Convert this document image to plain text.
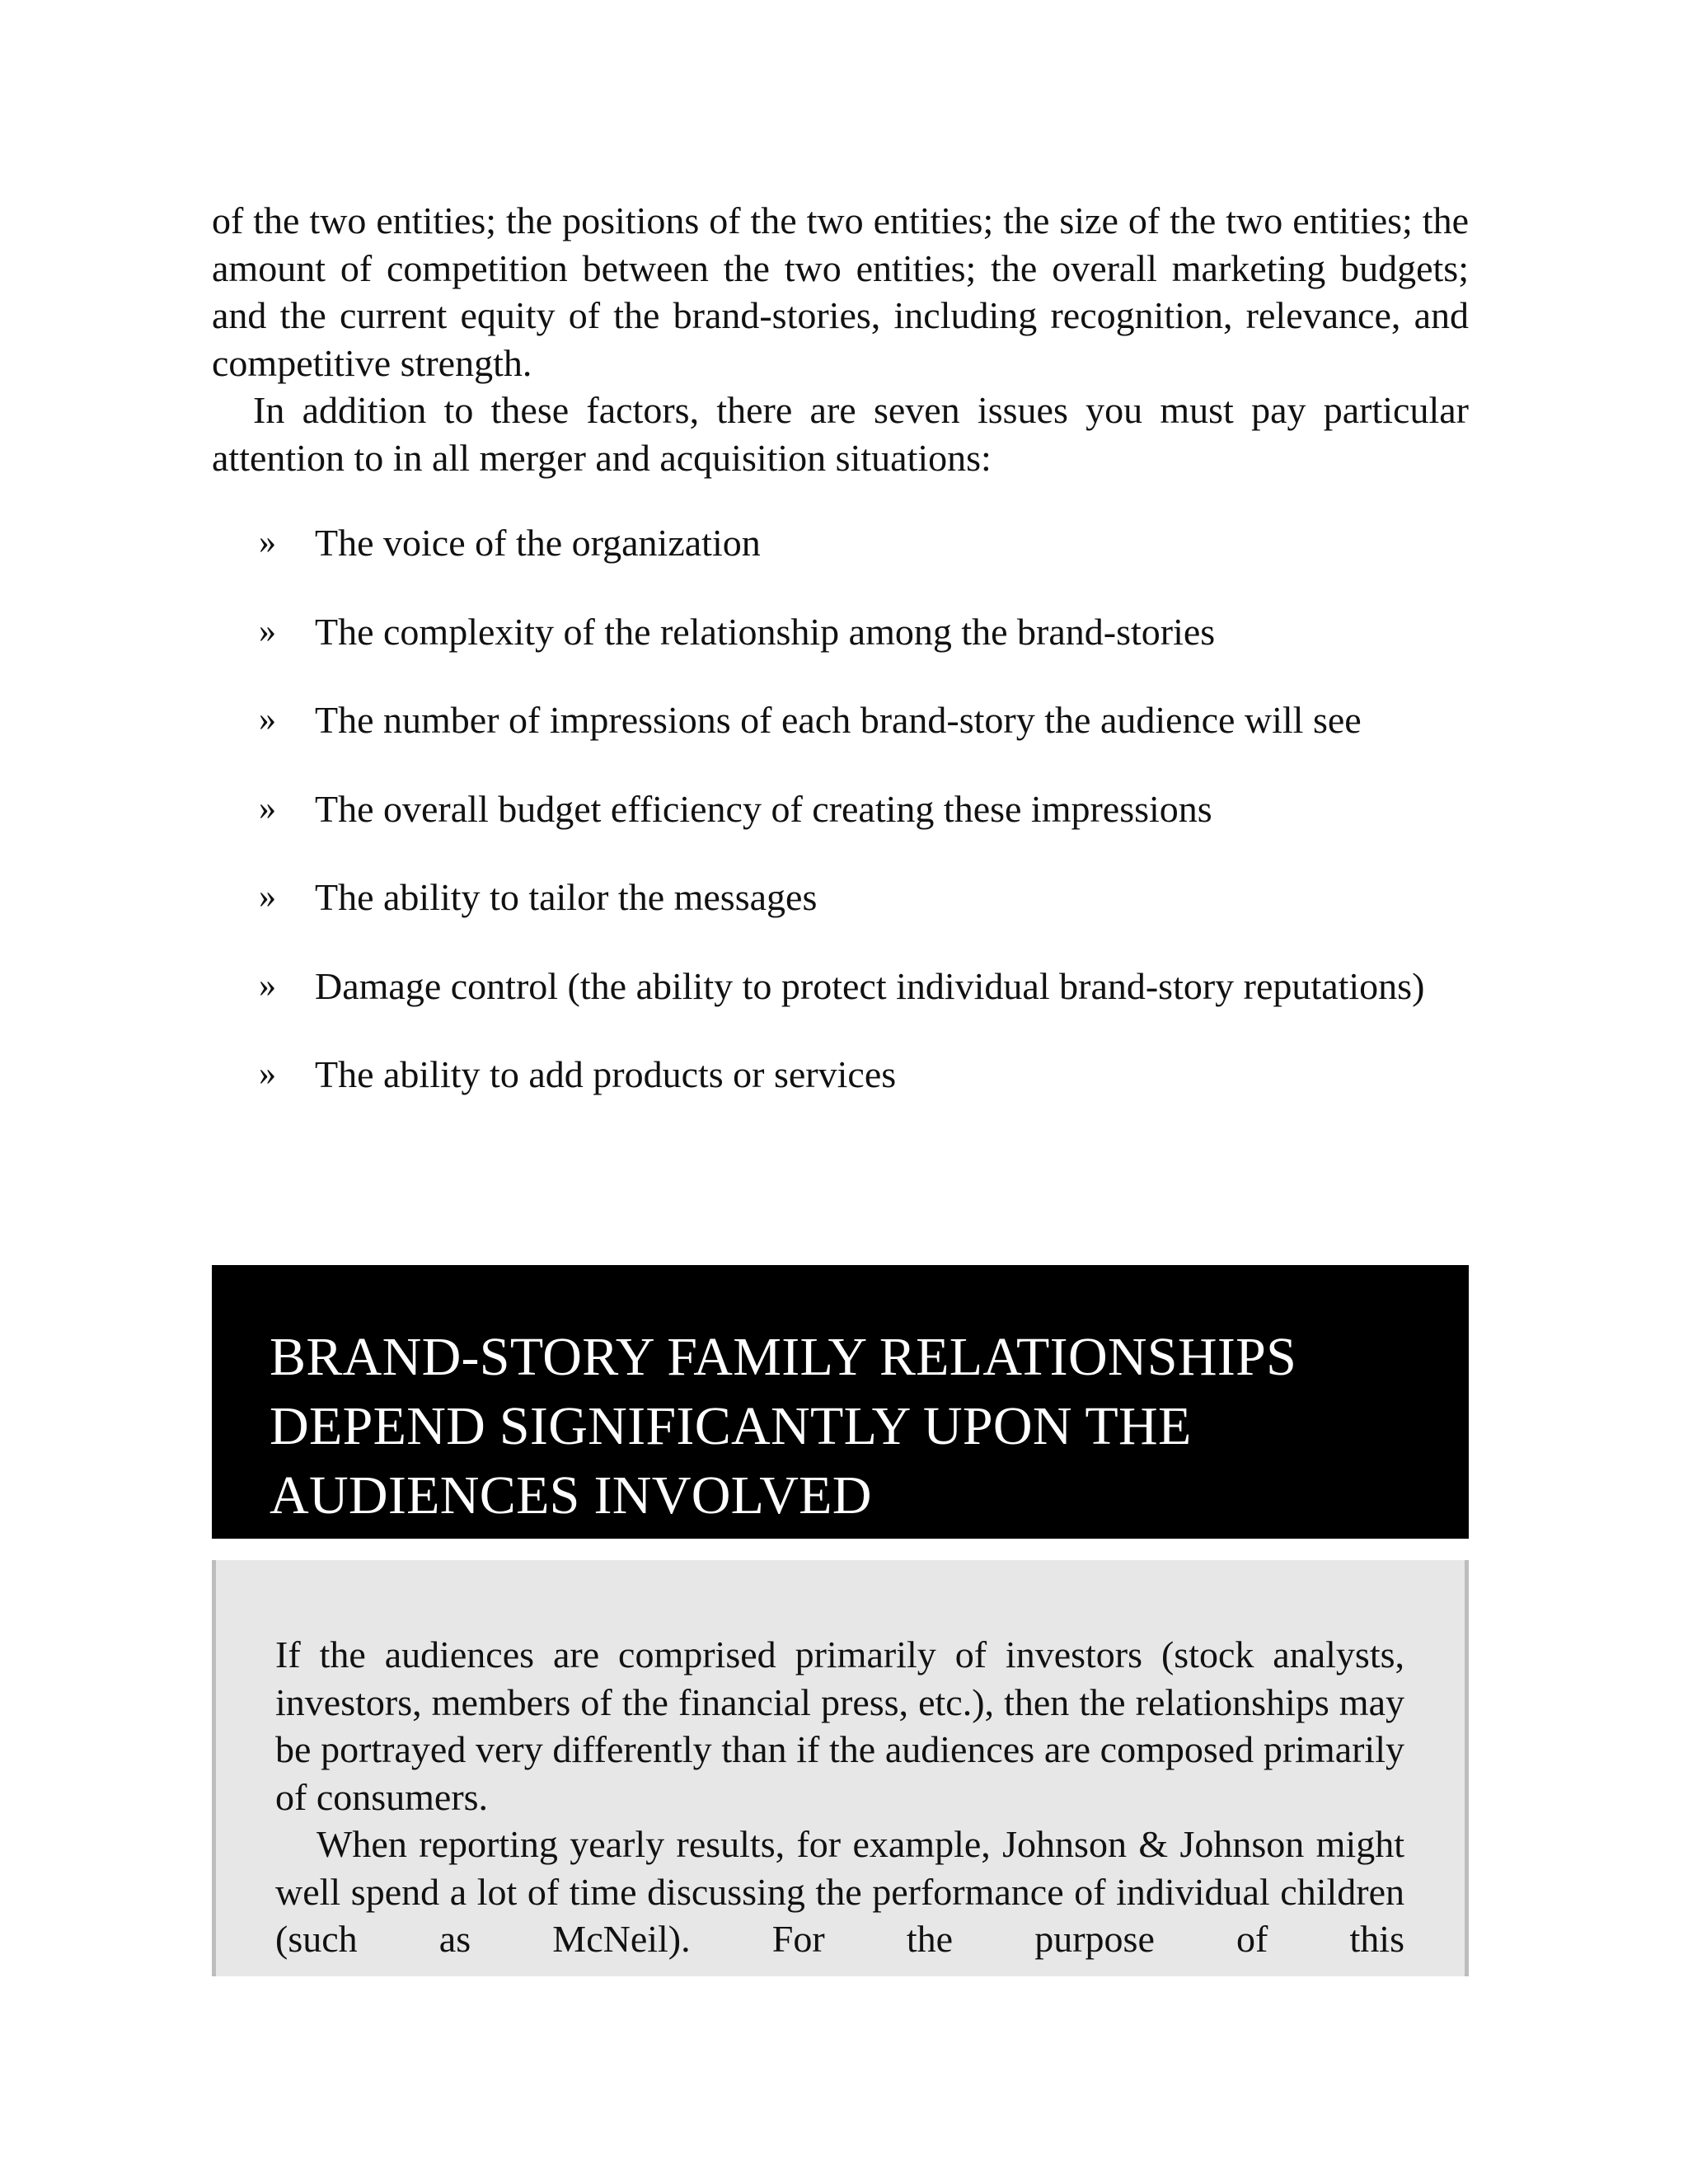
of the two entities; the positions of the two entities; the size of the two entities; the amount of competition between the two entities; the overall marketing budgets; and the current equity of the brand-stories, including recognition, relevance, and competitive strength.

In addition to these factors, there are seven issues you must pay particular attention to in all merger and acquisition situations:

» The voice of the organization
» The complexity of the relationship among the brand-stories
» The number of impressions of each brand-story the audience will see
» The overall budget efficiency of creating these impressions
» The ability to tailor the messages
» Damage control (the ability to protect individual brand-story reputations)
» The ability to add products or services
BRAND-STORY FAMILY RELATIONSHIPS DEPEND SIGNIFICANTLY UPON THE AUDIENCES INVOLVED

If the audiences are comprised primarily of investors (stock analysts, investors, members of the financial press, etc.), then the relationships may be portrayed very differently than if the audiences are composed primarily of consumers.

When reporting yearly results, for example, Johnson & Johnson might well spend a lot of time discussing the performance of individual children (such as McNeil). For the purpose of this
